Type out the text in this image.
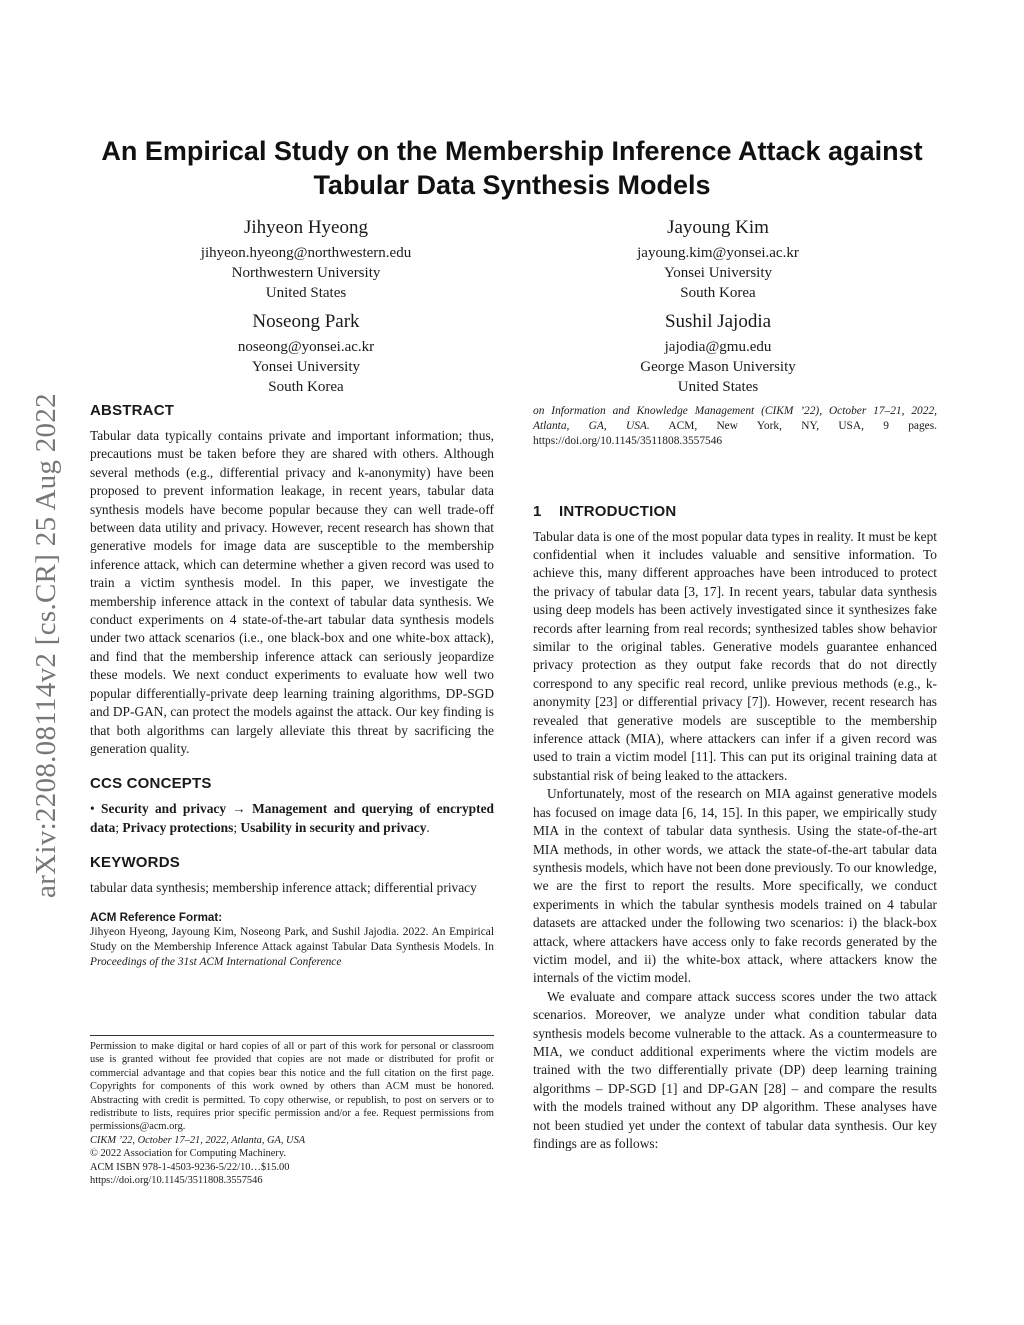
arXiv:2208.08114v2 [cs.CR] 25 Aug 2022
An Empirical Study on the Membership Inference Attack against
Tabular Data Synthesis Models
Jihyeon Hyeong
jihyeon.hyeong@northwestern.edu
Northwestern University
United States
Jayoung Kim
jayoung.kim@yonsei.ac.kr
Yonsei University
South Korea
Noseong Park
noseong@yonsei.ac.kr
Yonsei University
South Korea
Sushil Jajodia
jajodia@gmu.edu
George Mason University
United States
ABSTRACT

Tabular data typically contains private and important information; thus, precautions must be taken before they are shared with others. Although several methods (e.g., differential privacy and k-anonymity) have been proposed to prevent information leakage, in recent years, tabular data synthesis models have become popular because they can well trade-off between data utility and privacy. However, recent research has shown that generative models for image data are susceptible to the membership inference attack, which can determine whether a given record was used to train a victim synthesis model. In this paper, we investigate the membership inference attack in the context of tabular data synthesis. We conduct experiments on 4 state-of-the-art tabular data synthesis models under two attack scenarios (i.e., one black-box and one white-box attack), and find that the membership inference attack can seriously jeopardize these models. We next conduct experiments to evaluate how well two popular differentially-private deep learning training algorithms, DP-SGD and DP-GAN, can protect the models against the attack. Our key finding is that both algorithms can largely alleviate this threat by sacrificing the generation quality.

CCS CONCEPTS

• Security and privacy → Management and querying of encrypted data; Privacy protections; Usability in security and privacy.

KEYWORDS

tabular data synthesis; membership inference attack; differential privacy

ACM Reference Format:

Jihyeon Hyeong, Jayoung Kim, Noseong Park, and Sushil Jajodia. 2022. An Empirical Study on the Membership Inference Attack against Tabular Data Synthesis Models. In Proceedings of the 31st ACM International Conference

Permission to make digital or hard copies of all or part of this work for personal or classroom use is granted without fee provided that copies are not made or distributed for profit or commercial advantage and that copies bear this notice and the full citation on the first page. Copyrights for components of this work owned by others than ACM must be honored. Abstracting with credit is permitted. To copy otherwise, or republish, to post on servers or to redistribute to lists, requires prior specific permission and/or a fee. Request permissions from permissions@acm.org.

CIKM ’22, October 17–21, 2022, Atlanta, GA, USA
© 2022 Association for Computing Machinery.
ACM ISBN 978-1-4503-9236-5/22/10…$15.00
https://doi.org/10.1145/3511808.3557546

on Information and Knowledge Management (CIKM ’22), October 17–21, 2022, Atlanta, GA, USA. ACM, New York, NY, USA, 9 pages. https://doi.org/10.1145/3511808.3557546

1    INTRODUCTION

Tabular data is one of the most popular data types in reality. It must be kept confidential when it includes valuable and sensitive information. To achieve this, many different approaches have been introduced to protect the privacy of tabular data [3, 17]. In recent years, tabular data synthesis using deep models has been actively investigated since it synthesizes fake records after learning from real records; synthesized tables show behavior similar to the original tables. Generative models guarantee enhanced privacy protection as they output fake records that do not directly correspond to any specific real record, unlike previous methods (e.g., k-anonymity [23] or differential privacy [7]). However, recent research has revealed that generative models are susceptible to the membership inference attack (MIA), where attackers can infer if a given record was used to train a victim model [11]. This can put its original training data at substantial risk of being leaked to the attackers.

Unfortunately, most of the research on MIA against generative models has focused on image data [6, 14, 15]. In this paper, we empirically study MIA in the context of tabular data synthesis. Using the state-of-the-art MIA methods, in other words, we attack the state-of-the-art tabular data synthesis models, which have not been done previously. To our knowledge, we are the first to report the results. More specifically, we conduct experiments in which the tabular synthesis models trained on 4 tabular datasets are attacked under the following two scenarios: i) the black-box attack, where attackers have access only to fake records generated by the victim model, and ii) the white-box attack, where attackers know the internals of the victim model.

We evaluate and compare attack success scores under the two attack scenarios. Moreover, we analyze under what condition tabular data synthesis models become vulnerable to the attack. As a countermeasure to MIA, we conduct additional experiments where the victim models are trained with the two differentially private (DP) deep learning training algorithms – DP-SGD [1] and DP-GAN [28] – and compare the results with the models trained without any DP algorithm. These analyses have not been studied yet under the context of tabular data synthesis. Our key findings are as follows:
